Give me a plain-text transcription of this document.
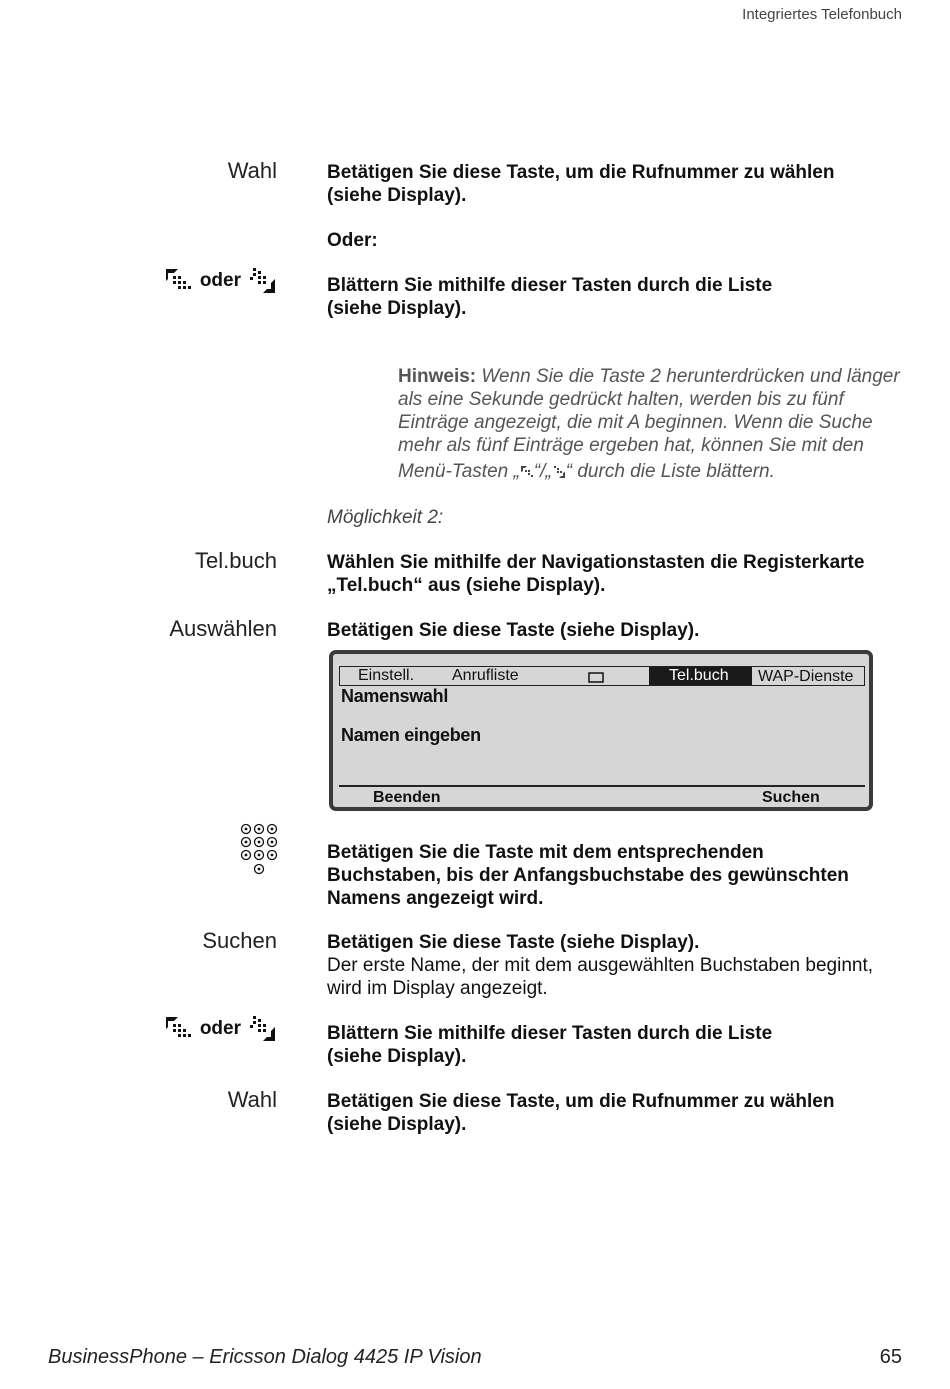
Integriertes Telefonbuch
Wahl	Betätigen Sie diese Taste, um die Rufnummer zu wählen
(siehe Display).
Oder:
oder	Blättern Sie mithilfe dieser Tasten durch die Liste
(siehe Display).
Hinweis: Wenn Sie die Taste 2 herunterdrücken und länger
als eine Sekunde gedrückt halten, werden bis zu fünf
Einträge angezeigt, die mit A beginnen. Wenn die Suche
mehr als fünf Einträge ergeben hat, können Sie mit den
Menü-Tasten „ “/„ “ durch die Liste blättern.
Möglichkeit 2:
Tel.buch	Wählen Sie mithilfe der Navigationstasten die Registerkarte
„Tel.buch“ aus (siehe Display).
Auswählen	Betätigen Sie diese Taste (siehe Display).
Einstell. Anrufliste	Tel.buch	WAP-Dienste
Namenswahl
Namen eingeben
Beenden	Suchen
Betätigen Sie die Taste mit dem entsprechenden
Buchstaben, bis der Anfangsbuchstabe des gewünschten
Namens angezeigt wird.
Suchen	Betätigen Sie diese Taste (siehe Display).
Der erste Name, der mit dem ausgewählten Buchstaben beginnt,
wird im Display angezeigt.
oder	Blättern Sie mithilfe dieser Tasten durch die Liste
(siehe Display).
Wahl	Betätigen Sie diese Taste, um die Rufnummer zu wählen
(siehe Display).
BusinessPhone – Ericsson Dialog 4425 IP Vision	65
